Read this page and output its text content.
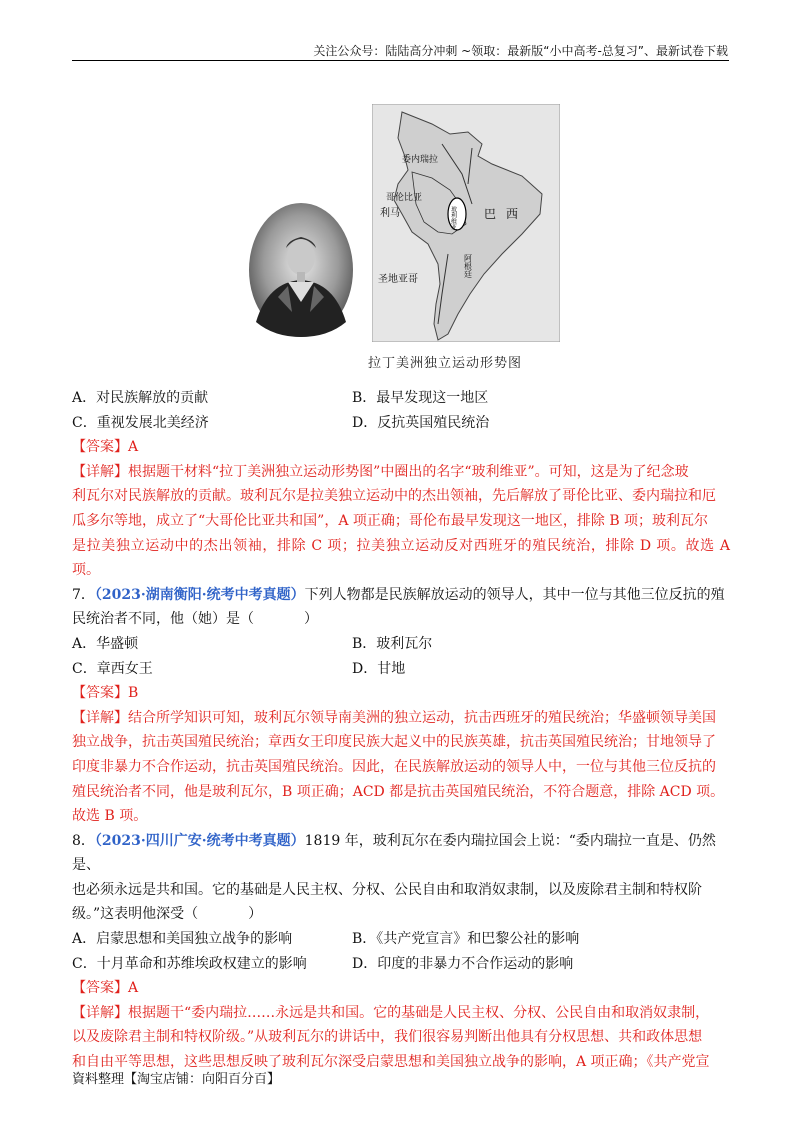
关注公众号：陆陆高分冲刺 ~领取：最新版“小中高考-总复习”、最新试卷下载
委内瑞拉
哥伦比亚
利马	巴西
玻利维亚
阿根廷
圣地亚哥
拉丁美洲独立运动形势图
A．对民族解放的贡献	B．最早发现这一地区
C．重视发展北美经济	D．反抗英国殖民统治
【答案】A

【详解】根据题干材料“拉丁美洲独立运动形势图”中圈出的名字“玻利维亚”。可知，这是为了纪念玻

利瓦尔对民族解放的贡献。玻利瓦尔是拉美独立运动中的杰出领袖，先后解放了哥伦比亚、委内瑞拉和厄

瓜多尔等地，成立了“大哥伦比亚共和国”，A 项正确；哥伦布最早发现这一地区，排除 B 项；玻利瓦尔

是拉美独立运动中的杰出领袖，排除 C 项；拉美独立运动反对西班牙的殖民统治，排除 D 项。故选 A 项。

7．（2023·湖南衡阳·统考中考真题）下列人物都是民族解放运动的领导人，其中一位与其他三位反抗的殖

民统治者不同，他（她）是（	）

A．华盛顿	B．玻利瓦尔
C．章西女王	D．甘地
【答案】B

【详解】结合所学知识可知，玻利瓦尔领导南美洲的独立运动，抗击西班牙的殖民统治；华盛顿领导美国

独立战争，抗击英国殖民统治；章西女王印度民族大起义中的民族英雄，抗击英国殖民统治；甘地领导了

印度非暴力不合作运动，抗击英国殖民统治。因此，在民族解放运动的领导人中，一位与其他三位反抗的

殖民统治者不同，他是玻利瓦尔，B 项正确；ACD 都是抗击英国殖民统治，不符合题意，排除 ACD 项。

故选 B 项。

8．（2023·四川广安·统考中考真题）1819 年，玻利瓦尔在委内瑞拉国会上说：“委内瑞拉一直是、仍然是、

也必须永远是共和国。它的基础是人民主权、分权、公民自由和取消奴隶制，以及废除君主制和特权阶

级。”这表明他深受（	）

A．启蒙思想和美国独立战争的影响	B．《共产党宣言》和巴黎公社的影响
C．十月革命和苏维埃政权建立的影响	D．印度的非暴力不合作运动的影响
【答案】A

【详解】根据题干“委内瑞拉……永远是共和国。它的基础是人民主权、分权、公民自由和取消奴隶制，

以及废除君主制和特权阶级。”从玻利瓦尔的讲话中，我们很容易判断出他具有分权思想、共和政体思想

和自由平等思想，这些思想反映了玻利瓦尔深受启蒙思想和美国独立战争的影响，A 项正确；《共产党宣

資料整理【淘宝店铺：向阳百分百】
